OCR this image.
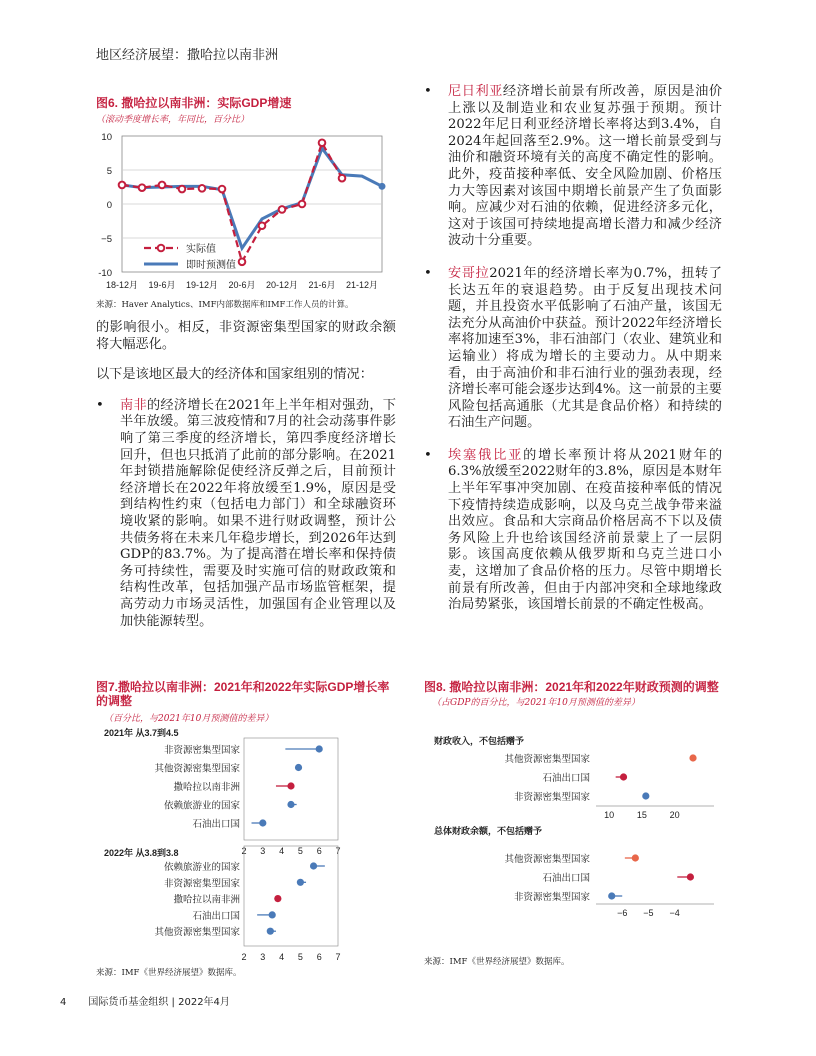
地区经济展望：撒哈拉以南非洲
图6. 撒哈拉以南非洲：实际GDP增速
（滚动季度增长率，年同比，百分比）
10
5
0
−5
-10
18-12月 19-6月 19-12月 20-6月 20-12月 21-6月 21-12月
实际值
即时预测值
来源：Haver Analytics、IMF内部数据库和IMF工作人员的计算。

的影响很小。相反，非资源密集型国家的财政余额将大幅恶化。

以下是该地区最大的经济体和国家组别的情况：

• 南非的经济增长在2021年上半年相对强劲，下半年放缓。第三波疫情和7月的社会动荡事件影响了第三季度的经济增长，第四季度经济增长回升，但也只抵消了此前的部分影响。在2021年封锁措施解除促使经济反弹之后，目前预计经济增长在2022年将放缓至1.9%，原因是受到结构性约束（包括电力部门）和全球融资环境收紧的影响。如果不进行财政调整，预计公共债务将在未来几年稳步增长，到2026年达到GDP的83.7%。为了提高潜在增长率和保持债务可持续性，需要及时实施可信的财政政策和结构性改革，包括加强产品市场监管框架，提高劳动力市场灵活性，加强国有企业管理以及加快能源转型。
• 尼日利亚经济增长前景有所改善，原因是油价上涨以及制造业和农业复苏强于预期。预计2022年尼日利亚经济增长率将达到3.4%，自2024年起回落至2.9%。这一增长前景受到与油价和融资环境有关的高度不确定性的影响。此外，疫苗接种率低、安全风险加剧、价格压力大等因素对该国中期增长前景产生了负面影响。应减少对石油的依赖，促进经济多元化，这对于该国可持续地提高增长潜力和减少经济波动十分重要。
• 安哥拉2021年的经济增长率为0.7%，扭转了长达五年的衰退趋势。由于反复出现技术问题，并且投资水平低影响了石油产量，该国无法充分从高油价中获益。预计2022年经济增长率将加速至3%，非石油部门（农业、建筑业和运输业）将成为增长的主要动力。从中期来看，由于高油价和非石油行业的强劲表现，经济增长率可能会逐步达到4%。这一前景的主要风险包括高通胀（尤其是食品价格）和持续的石油生产问题。
• 埃塞俄比亚的增长率预计将从2021财年的6.3%放缓至2022财年的3.8%，原因是本财年上半年军事冲突加剧、在疫苗接种率低的情况下疫情持续造成影响，以及乌克兰战争带来溢出效应。食品和大宗商品价格居高不下以及债务风险上升也给该国经济前景蒙上了一层阴影。该国高度依赖从俄罗斯和乌克兰进口小麦，这增加了食品价格的压力。尽管中期增长前景有所改善，但由于内部冲突和全球地缘政治局势紧张，该国增长前景的不确定性极高。
图7.撒哈拉以南非洲：2021年和2022年实际GDP增长率的调整
（百分比，与2021年10月预测值的差异）
2021年 从3.7到4.5
非资源密集型国家
其他资源密集型国家
撒哈拉以南非洲
依赖旅游业的国家
石油出口国
2 3 4 5 6 7
2022年 从3.8到3.8
依赖旅游业的国家
非资源密集型国家
撒哈拉以南非洲
石油出口国
其他资源密集型国家
2 3 4 5 6 7
来源：IMF《世界经济展望》数据库。
图8. 撒哈拉以南非洲：2021年和2022年财政预测的调整
（占GDP的百分比，与2021年10月预测值的差异）
财政收入，不包括赠予
其他资源密集型国家
石油出口国
非资源密集型国家
10	15	20
总体财政余额，不包括赠予
其他资源密集型国家
石油出口国
非资源密集型国家
−6 −5 −4
来源：IMF《世界经济展望》数据库。
4 国际货币基金组织 | 2022年4月
